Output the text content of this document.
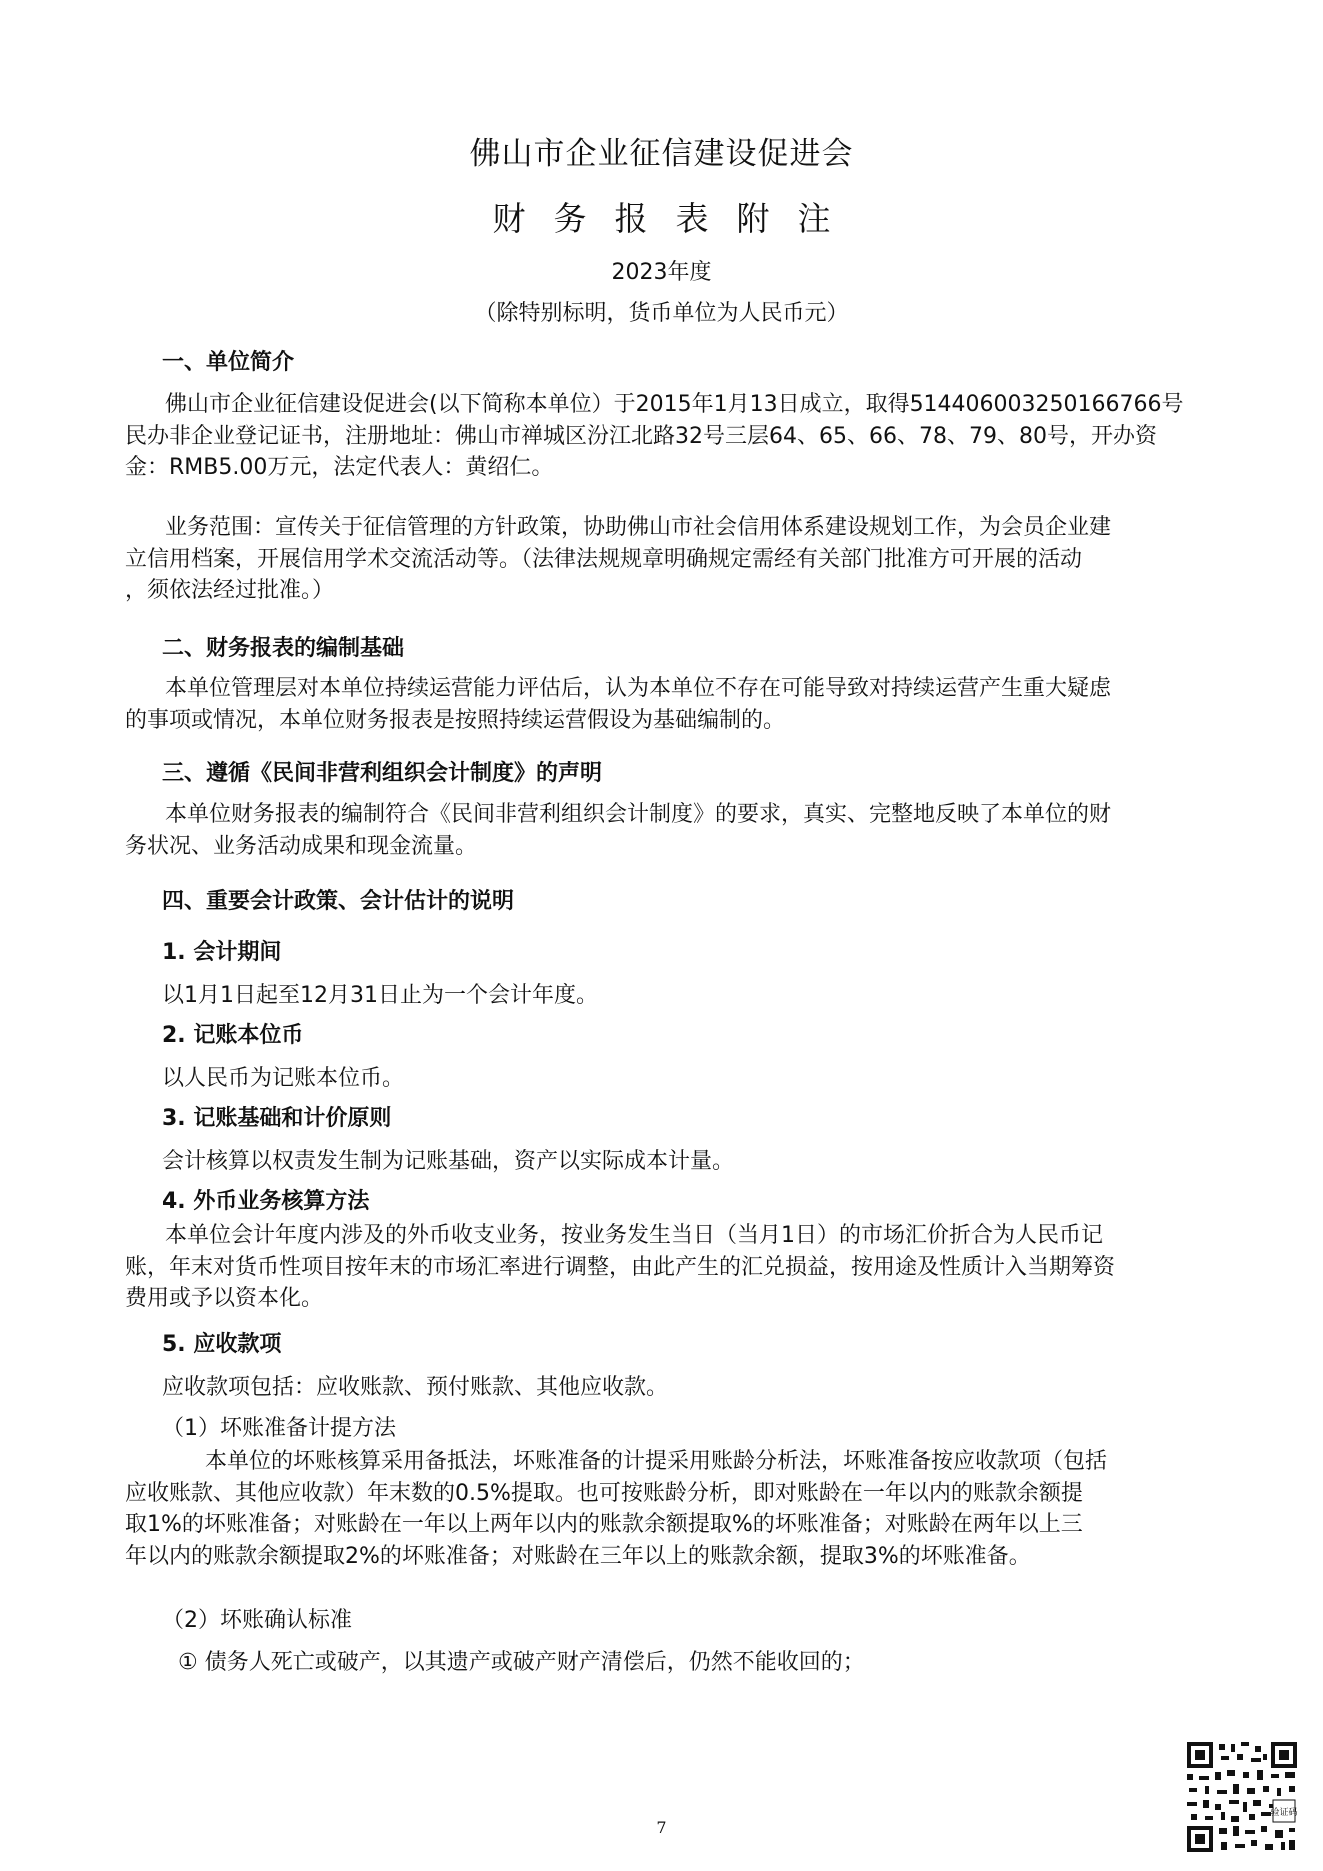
佛山市企业征信建设促进会
财务报表附注
2023年度
（除特别标明，货币单位为人民币元）
一、单位简介
佛山市企业征信建设促进会(以下简称本单位）于2015年1月13日成立，取得514406003250166766号
民办非企业登记证书，注册地址：佛山市禅城区汾江北路32号三层64、65、66、78、79、80号，开办资
金：RMB5.00万元，法定代表人：黄绍仁。
业务范围：宣传关于征信管理的方针政策，协助佛山市社会信用体系建设规划工作，为会员企业建
立信用档案，开展信用学术交流活动等。（法律法规规章明确规定需经有关部门批准方可开展的活动
，须依法经过批准。）
二、财务报表的编制基础
本单位管理层对本单位持续运营能力评估后，认为本单位不存在可能导致对持续运营产生重大疑虑
的事项或情况，本单位财务报表是按照持续运营假设为基础编制的。
三、遵循《民间非营利组织会计制度》的声明
本单位财务报表的编制符合《民间非营利组织会计制度》的要求，真实、完整地反映了本单位的财
务状况、业务活动成果和现金流量。
四、重要会计政策、会计估计的说明
1. 会计期间
以1月1日起至12月31日止为一个会计年度。
2. 记账本位币
以人民币为记账本位币。
3. 记账基础和计价原则
会计核算以权责发生制为记账基础，资产以实际成本计量。
4. 外币业务核算方法
本单位会计年度内涉及的外币收支业务，按业务发生当日（当月1日）的市场汇价折合为人民币记
账，年末对货币性项目按年末的市场汇率进行调整，由此产生的汇兑损益，按用途及性质计入当期筹资
费用或予以资本化。
5. 应收款项
应收款项包括：应收账款、预付账款、其他应收款。
（1）坏账准备计提方法
本单位的坏账核算采用备抵法，坏账准备的计提采用账龄分析法，坏账准备按应收款项（包括
应收账款、其他应收款）年末数的0.5%提取。也可按账龄分析，即对账龄在一年以内的账款余额提
取1%的坏账准备；对账龄在一年以上两年以内的账款余额提取%的坏账准备；对账龄在两年以上三
年以内的账款余额提取2%的坏账准备；对账龄在三年以上的账款余额，提取3%的坏账准备。
（2）坏账确认标准
① 债务人死亡或破产，以其遗产或破产财产清偿后，仍然不能收回的；
7
验证码
